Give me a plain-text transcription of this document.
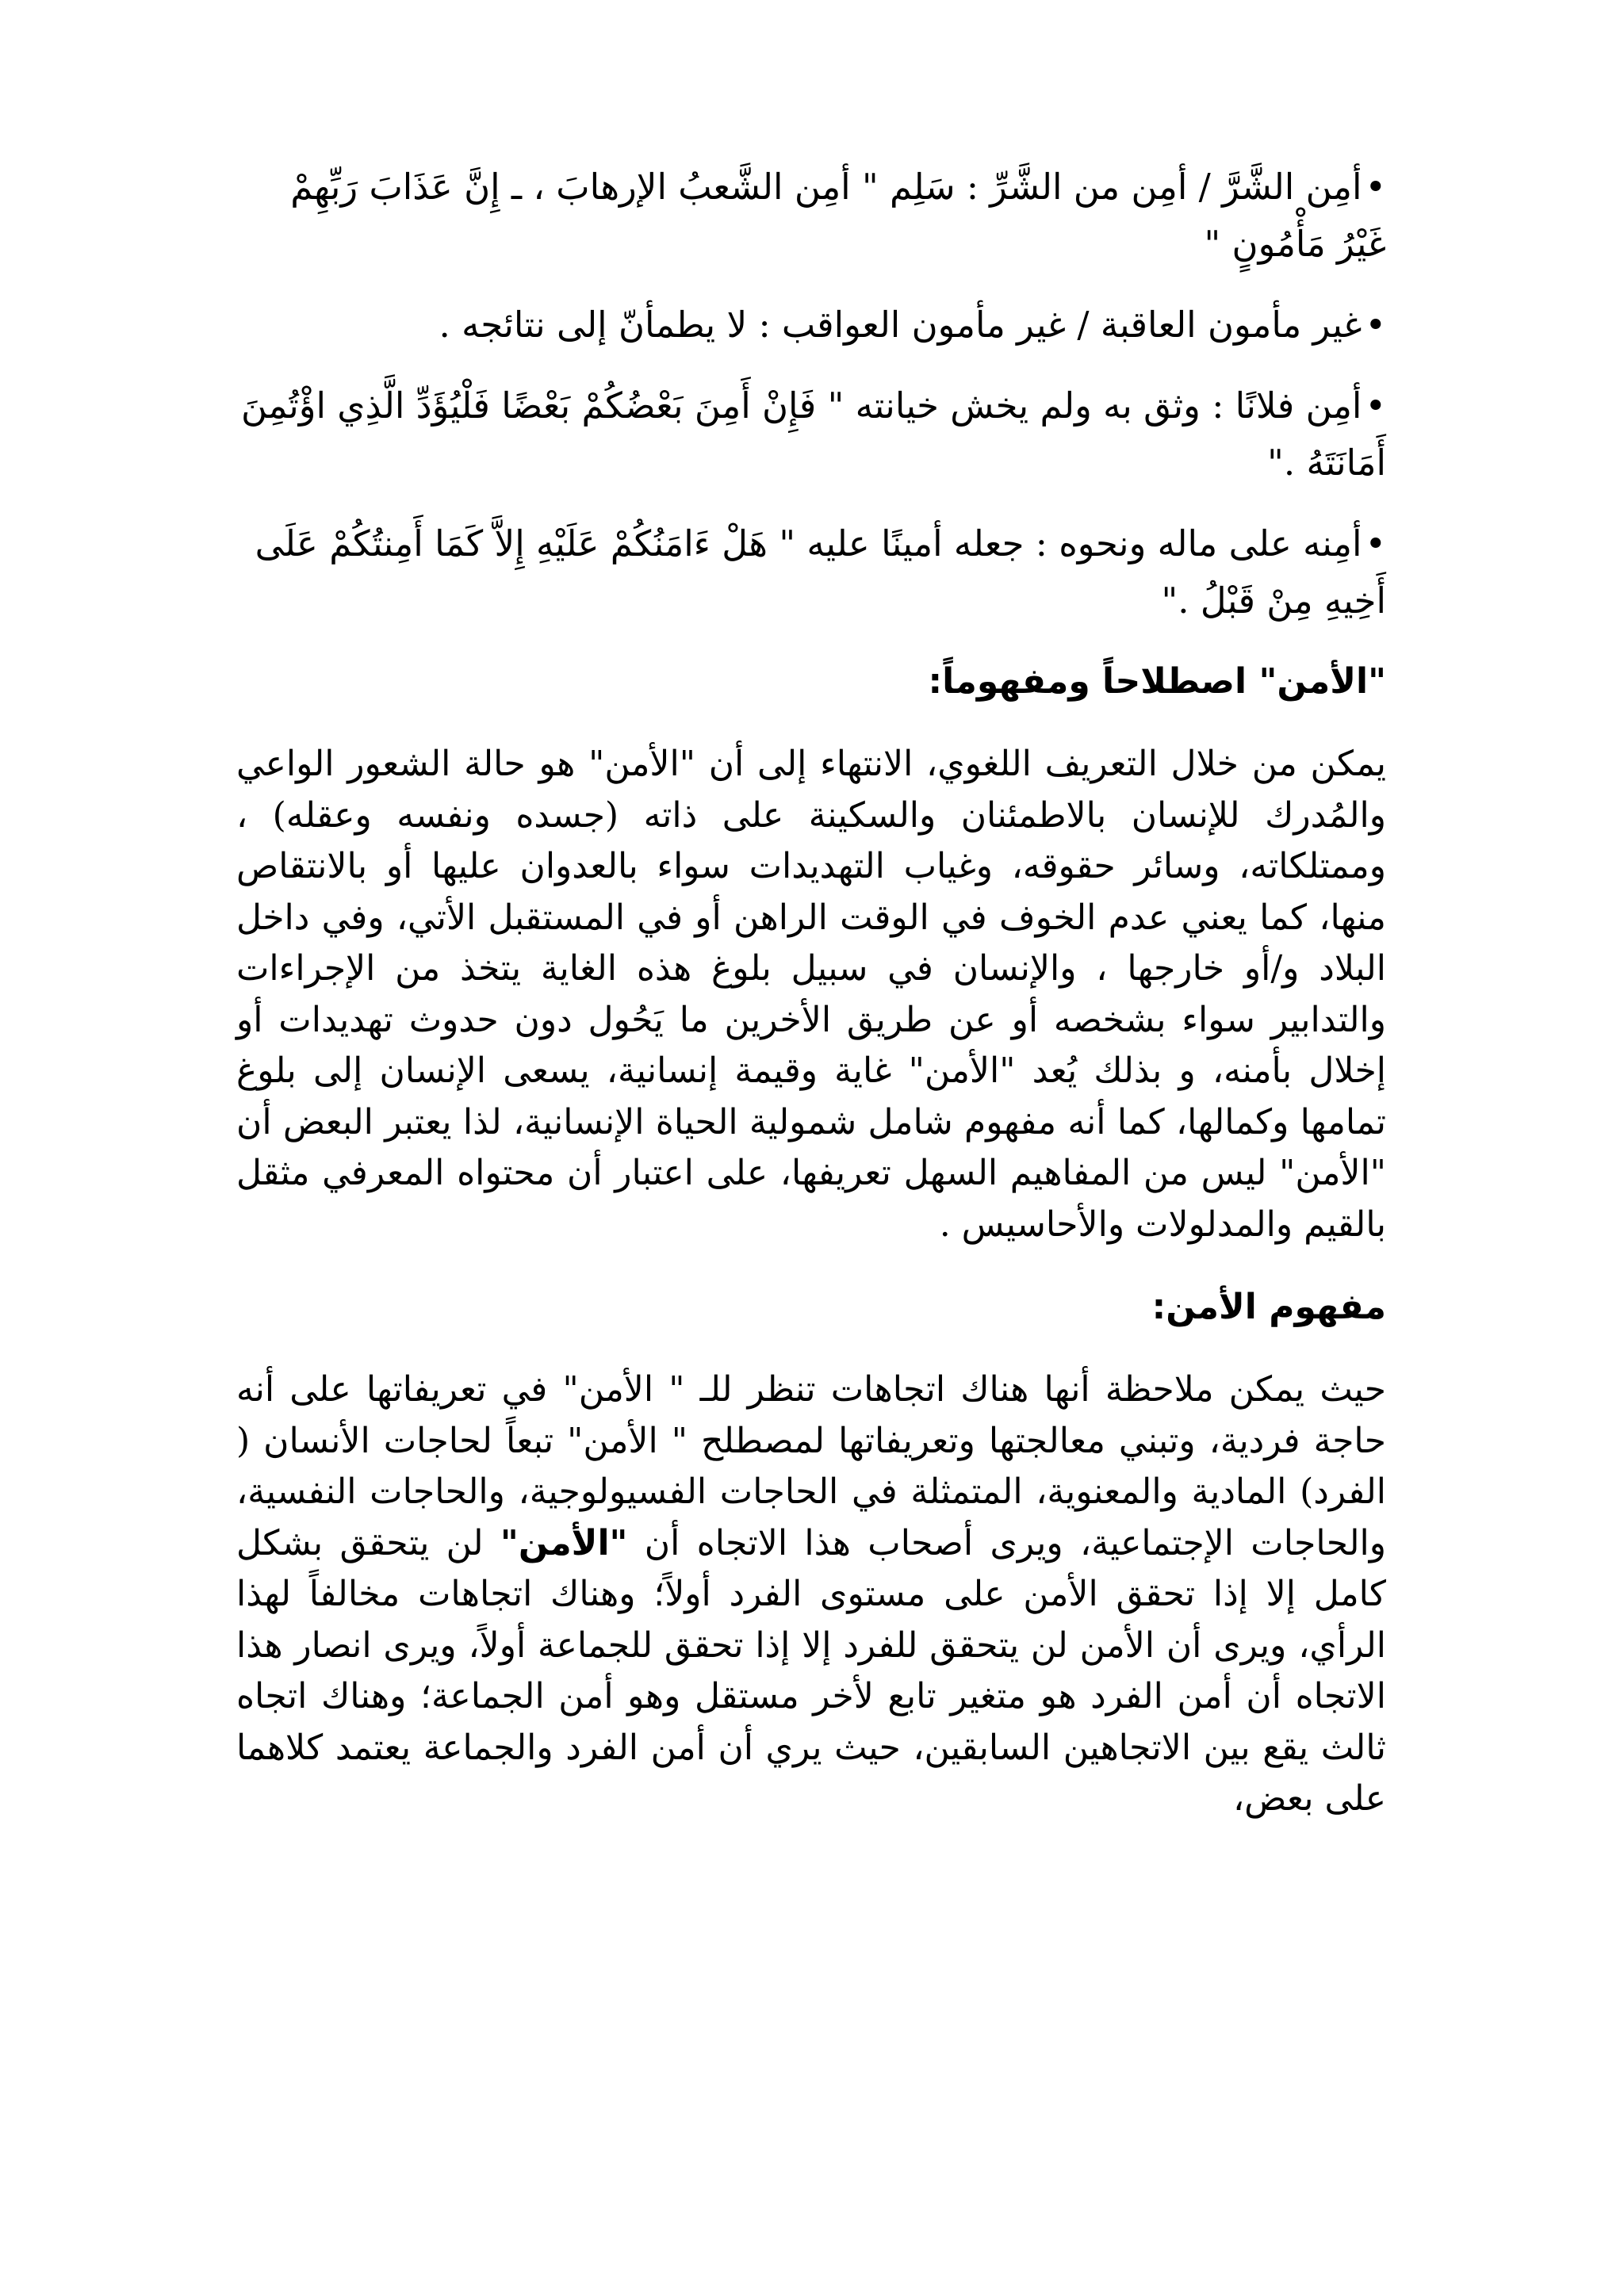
•أمِن الشَّرَّ / أمِن من الشَّرِّ : سَلِم " أمِن الشَّعبُ الإرهابَ ، ـ إِنَّ عَذَابَ رَبِّهِمْ غَيْرُ مَأْمُونٍ "

•غير مأمون العاقبة / غير مأمون العواقب : لا يطمأنّ إلى نتائجه .

•أمِن فلانًا : وثق به ولم يخش خيانته " فَإِنْ أَمِنَ بَعْضُكُمْ بَعْضًا فَلْيُؤَدِّ الَّذِي اؤْتُمِنَ أَمَانَتَهُ ."

•أمِنه على ماله ونحوه : جعله أمينًا عليه " هَلْ ءَامَنُكُمْ عَلَيْهِ إِلاَّ كَمَا أَمِنتُكُمْ عَلَى أَخِيهِ مِنْ قَبْلُ ."

"الأمن" اصطلاحاً ومفهوماً:

يمكن من خلال التعريف اللغوي، الانتهاء إلى أن "الأمن" هو حالة الشعور الواعي والمُدرك للإنسان بالاطمئنان والسكينة على ذاته (جسده ونفسه وعقله) ، وممتلكاته، وسائر حقوقه، وغياب التهديدات سواء بالعدوان عليها أو بالانتقاص منها، كما يعني عدم الخوف في الوقت الراهن أو في المستقبل الأتي، وفي داخل البلاد و/أو خارجها ، والإنسان في سبيل بلوغ هذه الغاية يتخذ من الإجراءات والتدابير سواء بشخصه أو عن طريق الأخرين ما يَحُول دون حدوث تهديدات أو إخلال بأمنه، و بذلك يُعد "الأمن" غاية وقيمة إنسانية، يسعى الإنسان إلى بلوغ تمامها وكمالها، كما أنه مفهوم شامل شمولية الحياة الإنسانية، لذا يعتبر البعض أن "الأمن" ليس من المفاهيم السهل تعريفها، على اعتبار أن محتواه المعرفي مثقل بالقيم والمدلولات والأحاسيس .

مفهوم الأمن:

حيث يمكن ملاحظة أنها هناك اتجاهات تنظر للـ " الأمن" في تعريفاتها على أنه حاجة فردية، وتبني معالجتها وتعريفاتها لمصطلح " الأمن" تبعاً لحاجات الأنسان ( الفرد) المادية والمعنوية، المتمثلة في الحاجات الفسيولوجية، والحاجات النفسية، والحاجات الإجتماعية، ويرى أصحاب هذا الاتجاه أن "الأمن" لن يتحقق بشكل كامل إلا إذا تحقق الأمن على مستوى الفرد أولاً؛ وهناك اتجاهات مخالفاً لهذا الرأي، ويرى أن الأمن لن يتحقق للفرد إلا إذا تحقق للجماعة أولاً، ويرى انصار هذا الاتجاه أن أمن الفرد هو متغير تابع لأخر مستقل وهو أمن الجماعة؛ وهناك اتجاه ثالث يقع بين الاتجاهين السابقين، حيث يري أن أمن الفرد والجماعة يعتمد كلاهما على بعض،
